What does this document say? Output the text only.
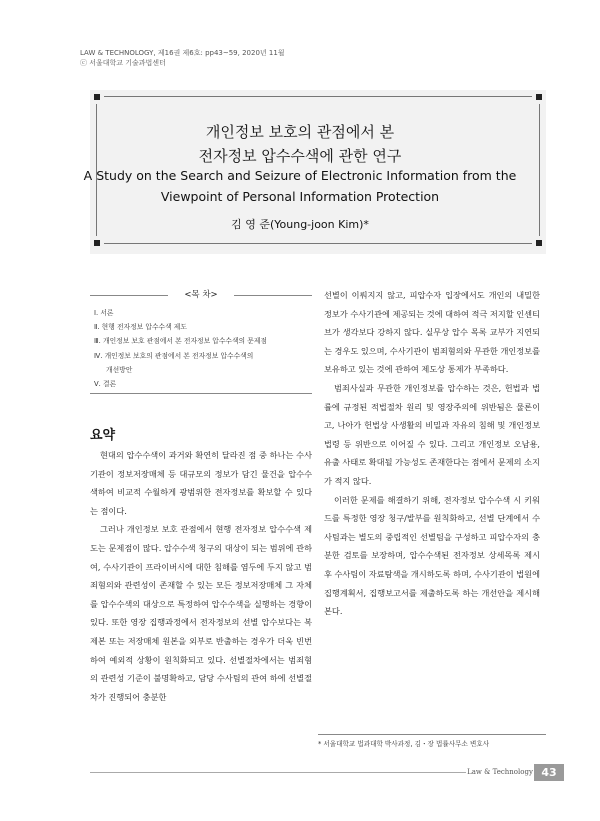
LAW & TECHNOLOGY, 제16권 제6호: pp43~59, 2020년 11월
ⓒ 서울대학교 기술과법센터
개인정보 보호의 관점에서 본
전자정보 압수수색에 관한 연구
A Study on the Search and Seizure of Electronic Information from the
Viewpoint of Personal Information Protection
김 영 준(Young-joon Kim)*
<목 차>
Ⅰ. 서론
Ⅱ. 현행 전자정보 압수수색 제도
Ⅲ. 개인정보 보호 관점에서 본 전자정보 압수수색의 문제점
Ⅳ. 개인정보 보호의 관점에서 본 전자정보 압수수색의
개선방안
Ⅴ. 결론
요약

현대의 압수수색이 과거와 확연히 달라진 점 중 하나는 수사기관이 정보저장매체 등 대규모의 정보가 담긴 물건을 압수수색하여 비교적 수월하게 광범위한 전자정보를 확보할 수 있다는 점이다.

그러나 개인정보 보호 관점에서 현행 전자정보 압수수색 제도는 문제점이 많다. 압수수색 청구의 대상이 되는 범위에 관하여, 수사기관이 프라이버시에 대한 침해를 염두에 두지 않고 범죄혐의와 관련성이 존재할 수 있는 모든 정보저장매체 그 자체를 압수수색의 대상으로 특정하여 압수수색을 실행하는 경향이 있다. 또한 영장 집행과정에서 전자정보의 선별 압수보다는 복제본 또는 저장매체 원본을 외부로 반출하는 경우가 더욱 빈번하여 예외적 상황이 원칙화되고 있다. 선별절차에서는 범죄혐의 관련성 기준이 불명확하고, 담당 수사팀의 관여 하에 선별절차가 진행되어 충분한

선별이 이뤄지지 않고, 피압수자 입장에서도 개인의 내밀한 정보가 수사기관에 제공되는 것에 대하여 적극 저지할 인센티브가 생각보다 강하지 않다. 실무상 압수 목록 교부가 지연되는 경우도 있으며, 수사기관이 범죄혐의와 무관한 개인정보를 보유하고 있는 것에 관하여 제도상 통제가 부족하다.

범죄사실과 무관한 개인정보를 압수하는 것은, 헌법과 법률에 규정된 적법절차 원리 및 영장주의에 위반됨은 물론이고, 나아가 헌법상 사생활의 비밀과 자유의 침해 및 개인정보법령 등 위반으로 이어질 수 있다. 그리고 개인정보 오남용, 유출 사태로 확대될 가능성도 존재한다는 점에서 문제의 소지가 적지 않다.

이러한 문제를 해결하기 위해, 전자정보 압수수색 시 키워드를 특정한 영장 청구/발부를 원칙화하고, 선별 단계에서 수사팀과는 별도의 중립적인 선별팀을 구성하고 피압수자의 충분한 검토를 보장하며, 압수수색된 전자정보 상세목록 제시 후 수사팀이 자료탐색을 개시하도록 하며, 수사기관이 법원에 집행계획서, 집행보고서를 제출하도록 하는 개선안을 제시해본다.

* 서울대학교 법과대학 박사과정, 김・장 법률사무소 변호사
Law & Technology 43
